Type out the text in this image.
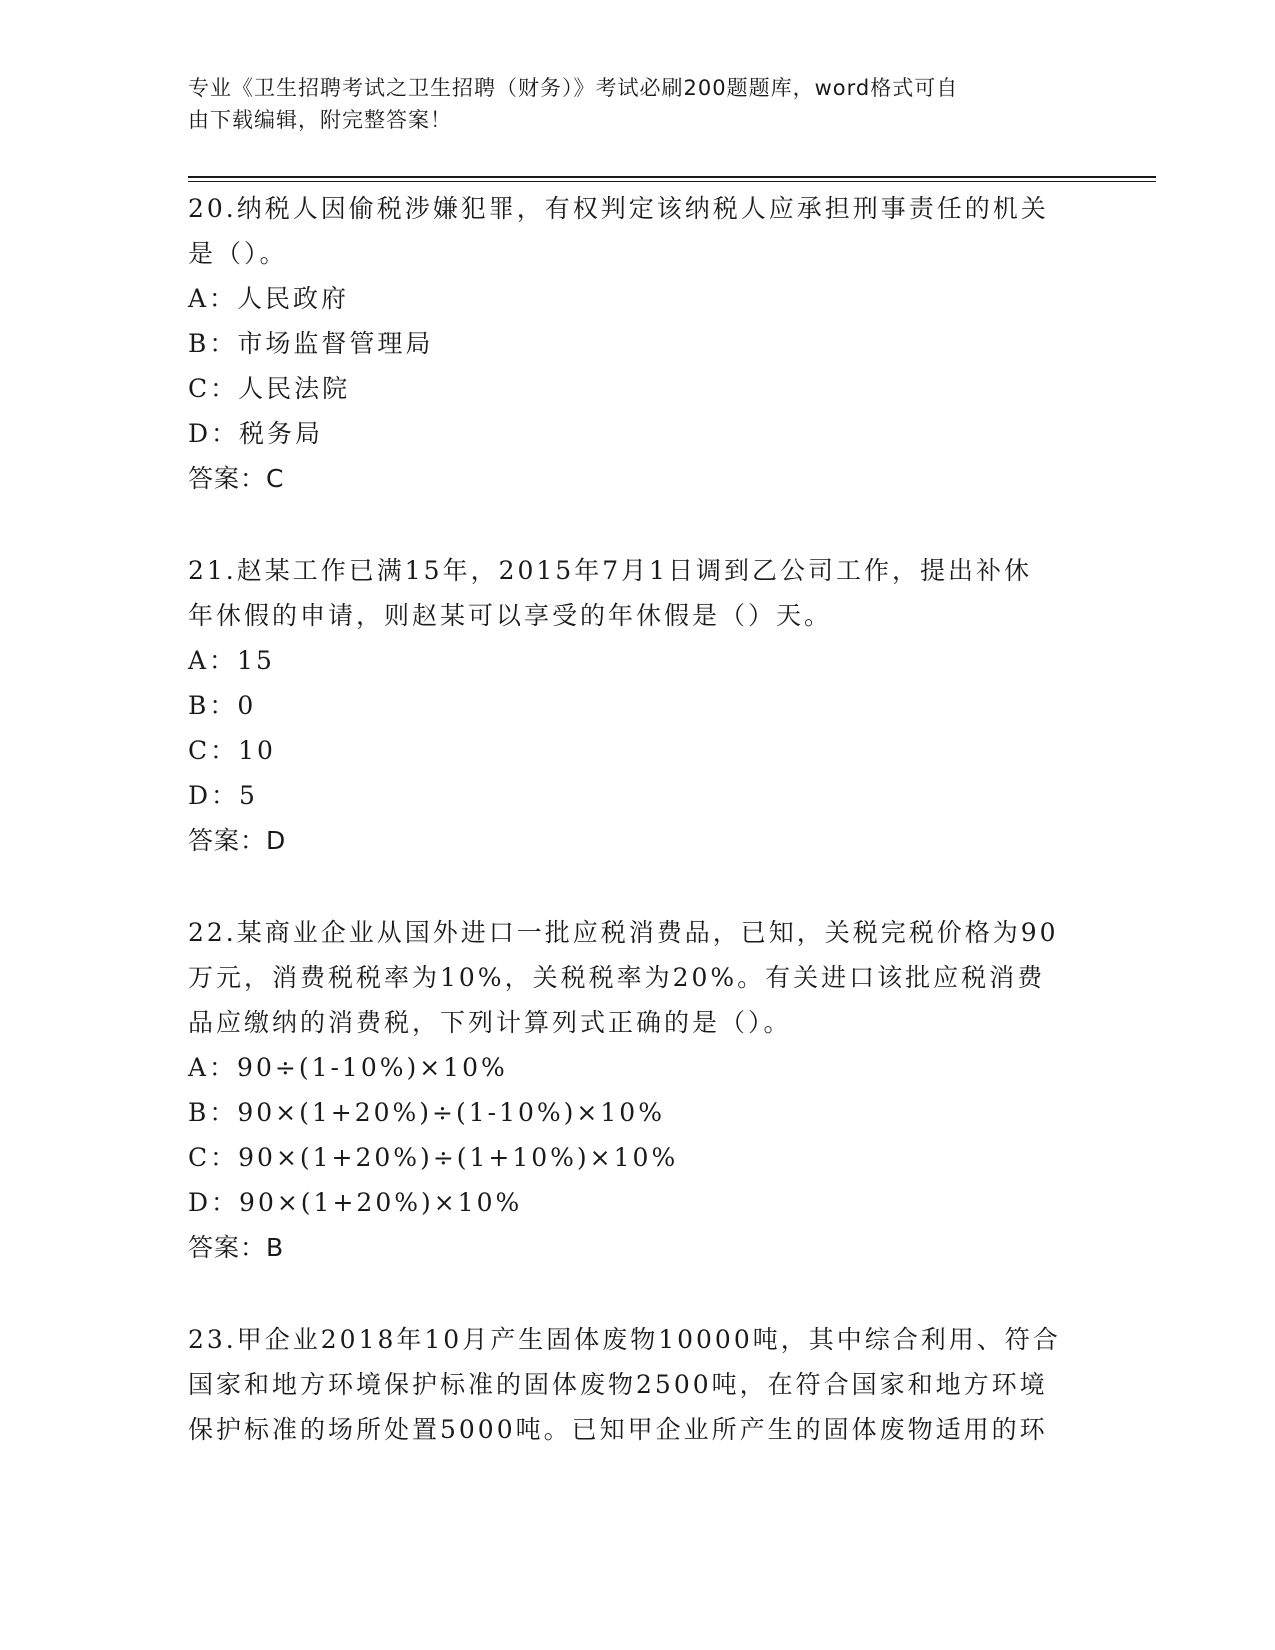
专业《卫生招聘考试之卫生招聘（财务）》考试必刷200题题库，word格式可自
由下载编辑，附完整答案！
20.纳税人因偷税涉嫌犯罪，有权判定该纳税人应承担刑事责任的机关
是（）。
A：人民政府
B：市场监督管理局
C：人民法院
D：税务局
答案：C
21.赵某工作已满15年，2015年7月1日调到乙公司工作，提出补休
年休假的申请，则赵某可以享受的年休假是（）天。
A：15
B：0
C：10
D：5
答案：D
22.某商业企业从国外进口一批应税消费品，已知，关税完税价格为90
万元，消费税税率为10%，关税税率为20%。有关进口该批应税消费
品应缴纳的消费税，下列计算列式正确的是（）。
A：90÷(1-10%)×10%
B：90×(1+20%)÷(1-10%)×10%
C：90×(1+20%)÷(1+10%)×10%
D：90×(1+20%)×10%
答案：B
23.甲企业2018年10月产生固体废物10000吨，其中综合利用、符合
国家和地方环境保护标准的固体废物2500吨，在符合国家和地方环境
保护标准的场所处置5000吨。已知甲企业所产生的固体废物适用的环
